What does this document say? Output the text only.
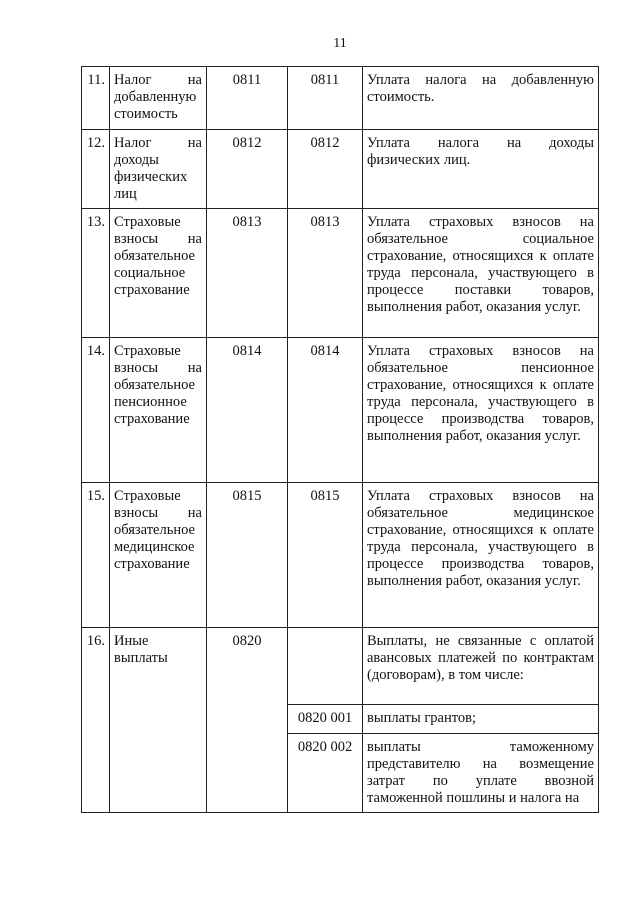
11
11.	Налог на добавленную стоимость	0811	0811	Уплата налога на добавленную стоимость.
12.	Налог на доходы физических лиц	0812	0812	Уплата налога на доходы физических лиц.
13.	Страховые взносы на обязательное социальное страхование	0813	0813	Уплата страховых взносов на обязательное социальное страхование, относящихся к оплате труда персонала, участвующего в процессе поставки товаров, выполнения работ, оказания услуг.
14.	Страховые взносы на обязательное пенсионное страхование	0814	0814	Уплата страховых взносов на обязательное пенсионное страхование, относящихся к оплате труда персонала, участвующего в процессе производства товаров, выполнения работ, оказания услуг.
15.	Страховые взносы на обязательное медицинское страхование	0815	0815	Уплата страховых взносов на обязательное медицинское страхование, относящихся к оплате труда персонала, участвующего в процессе производства товаров, выполнения работ, оказания услуг.
16.	Иные выплаты	0820		Выплаты, не связанные с оплатой авансовых платежей по контрактам (договорам), в том числе:
			0820 001	выплаты грантов;
			0820 002	выплаты таможенному представителю на возмещение затрат по уплате ввозной таможенной пошлины и налога на
